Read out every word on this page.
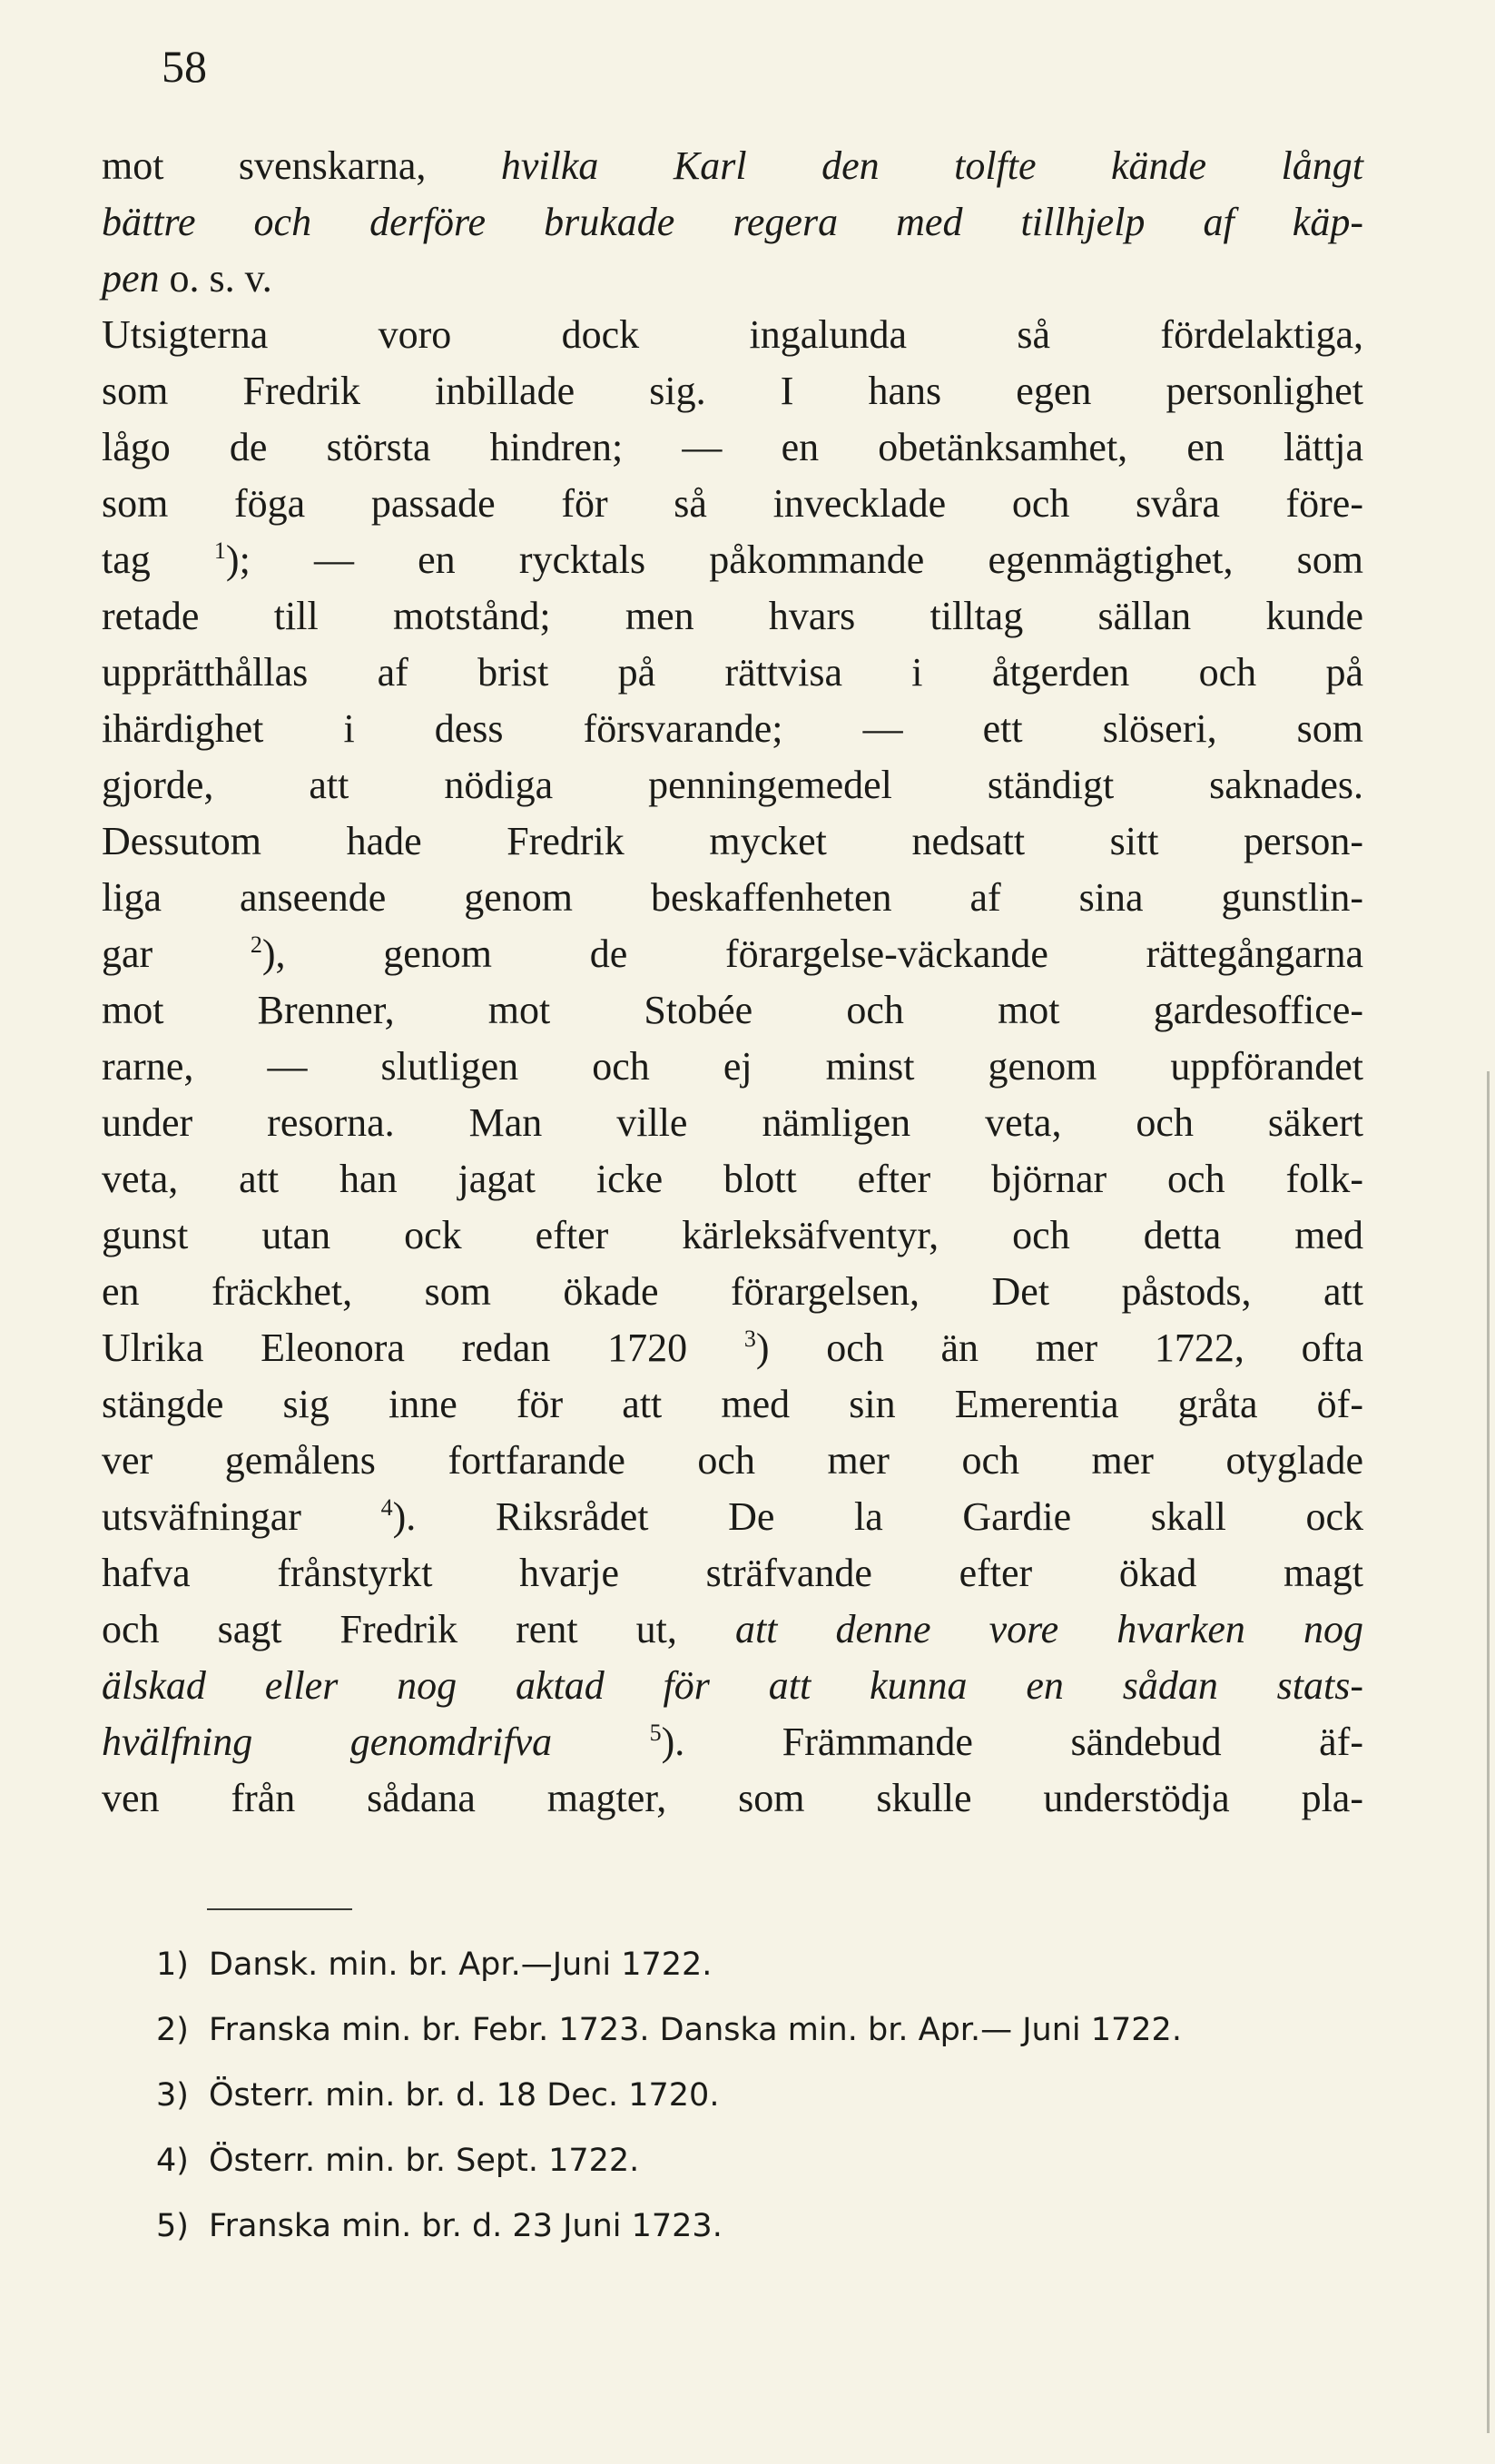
58
mot svenskarna, hvilka Karl den tolfte kände långt
bättre och derföre brukade regera med tillhjelp af käp-
pen o. s. v.
Utsigterna voro dock ingalunda så fördelaktiga,
som Fredrik inbillade sig. I hans egen personlighet
lågo de största hindren; — en obetänksamhet, en lättja
som föga passade för så invecklade och svåra före-
tag $^1$); — en rycktals påkommande egenmägtighet, som
retade till motstånd; men hvars tilltag sällan kunde
upprätthållas af brist på rättvisa i åtgerden och på
ihärdighet i dess försvarande; — ett slöseri, som
gjorde, att nödiga penningemedel ständigt saknades.
Dessutom hade Fredrik mycket nedsatt sitt person-
liga anseende genom beskaffenheten af sina gunstlin-
gar $^2$), genom de förargelse-väckande rättegångarna
mot Brenner, mot Stobée och mot gardesoffice-
rarne, — slutligen och ej minst genom uppförandet
under resorna. Man ville nämligen veta, och säkert
veta, att han jagat icke blott efter björnar och folk-
gunst utan ock efter kärleksäfventyr, och detta med
en fräckhet, som ökade förargelsen, Det påstods, att
Ulrika Eleonora redan 1720 $^3$) och än mer 1722, ofta
stängde sig inne för att med sin Emerentia gråta öf-
ver gemålens fortfarande och mer och mer otyglade
utsväfningar $^4$). Riksrådet De la Gardie skall ock
hafva frånstyrkt hvarje sträfvande efter ökad magt
och sagt Fredrik rent ut, att denne vore hvarken nog
älskad eller nog aktad för att kunna en sådan stats-
hvälfning genomdrifva	$^5$). Främmande sändebud äf-
ven från sådana magter, som skulle understödja pla-
1) Dansk. min. br. Apr.—Juni 1722.
2) Franska min. br. Febr. 1723. Danska min. br. Apr.— Juni 1722.
3) Österr. min. br. d. 18 Dec. 1720.
4) Österr. min. br. Sept. 1722.
5) Franska min. br. d. 23 Juni 1723.
